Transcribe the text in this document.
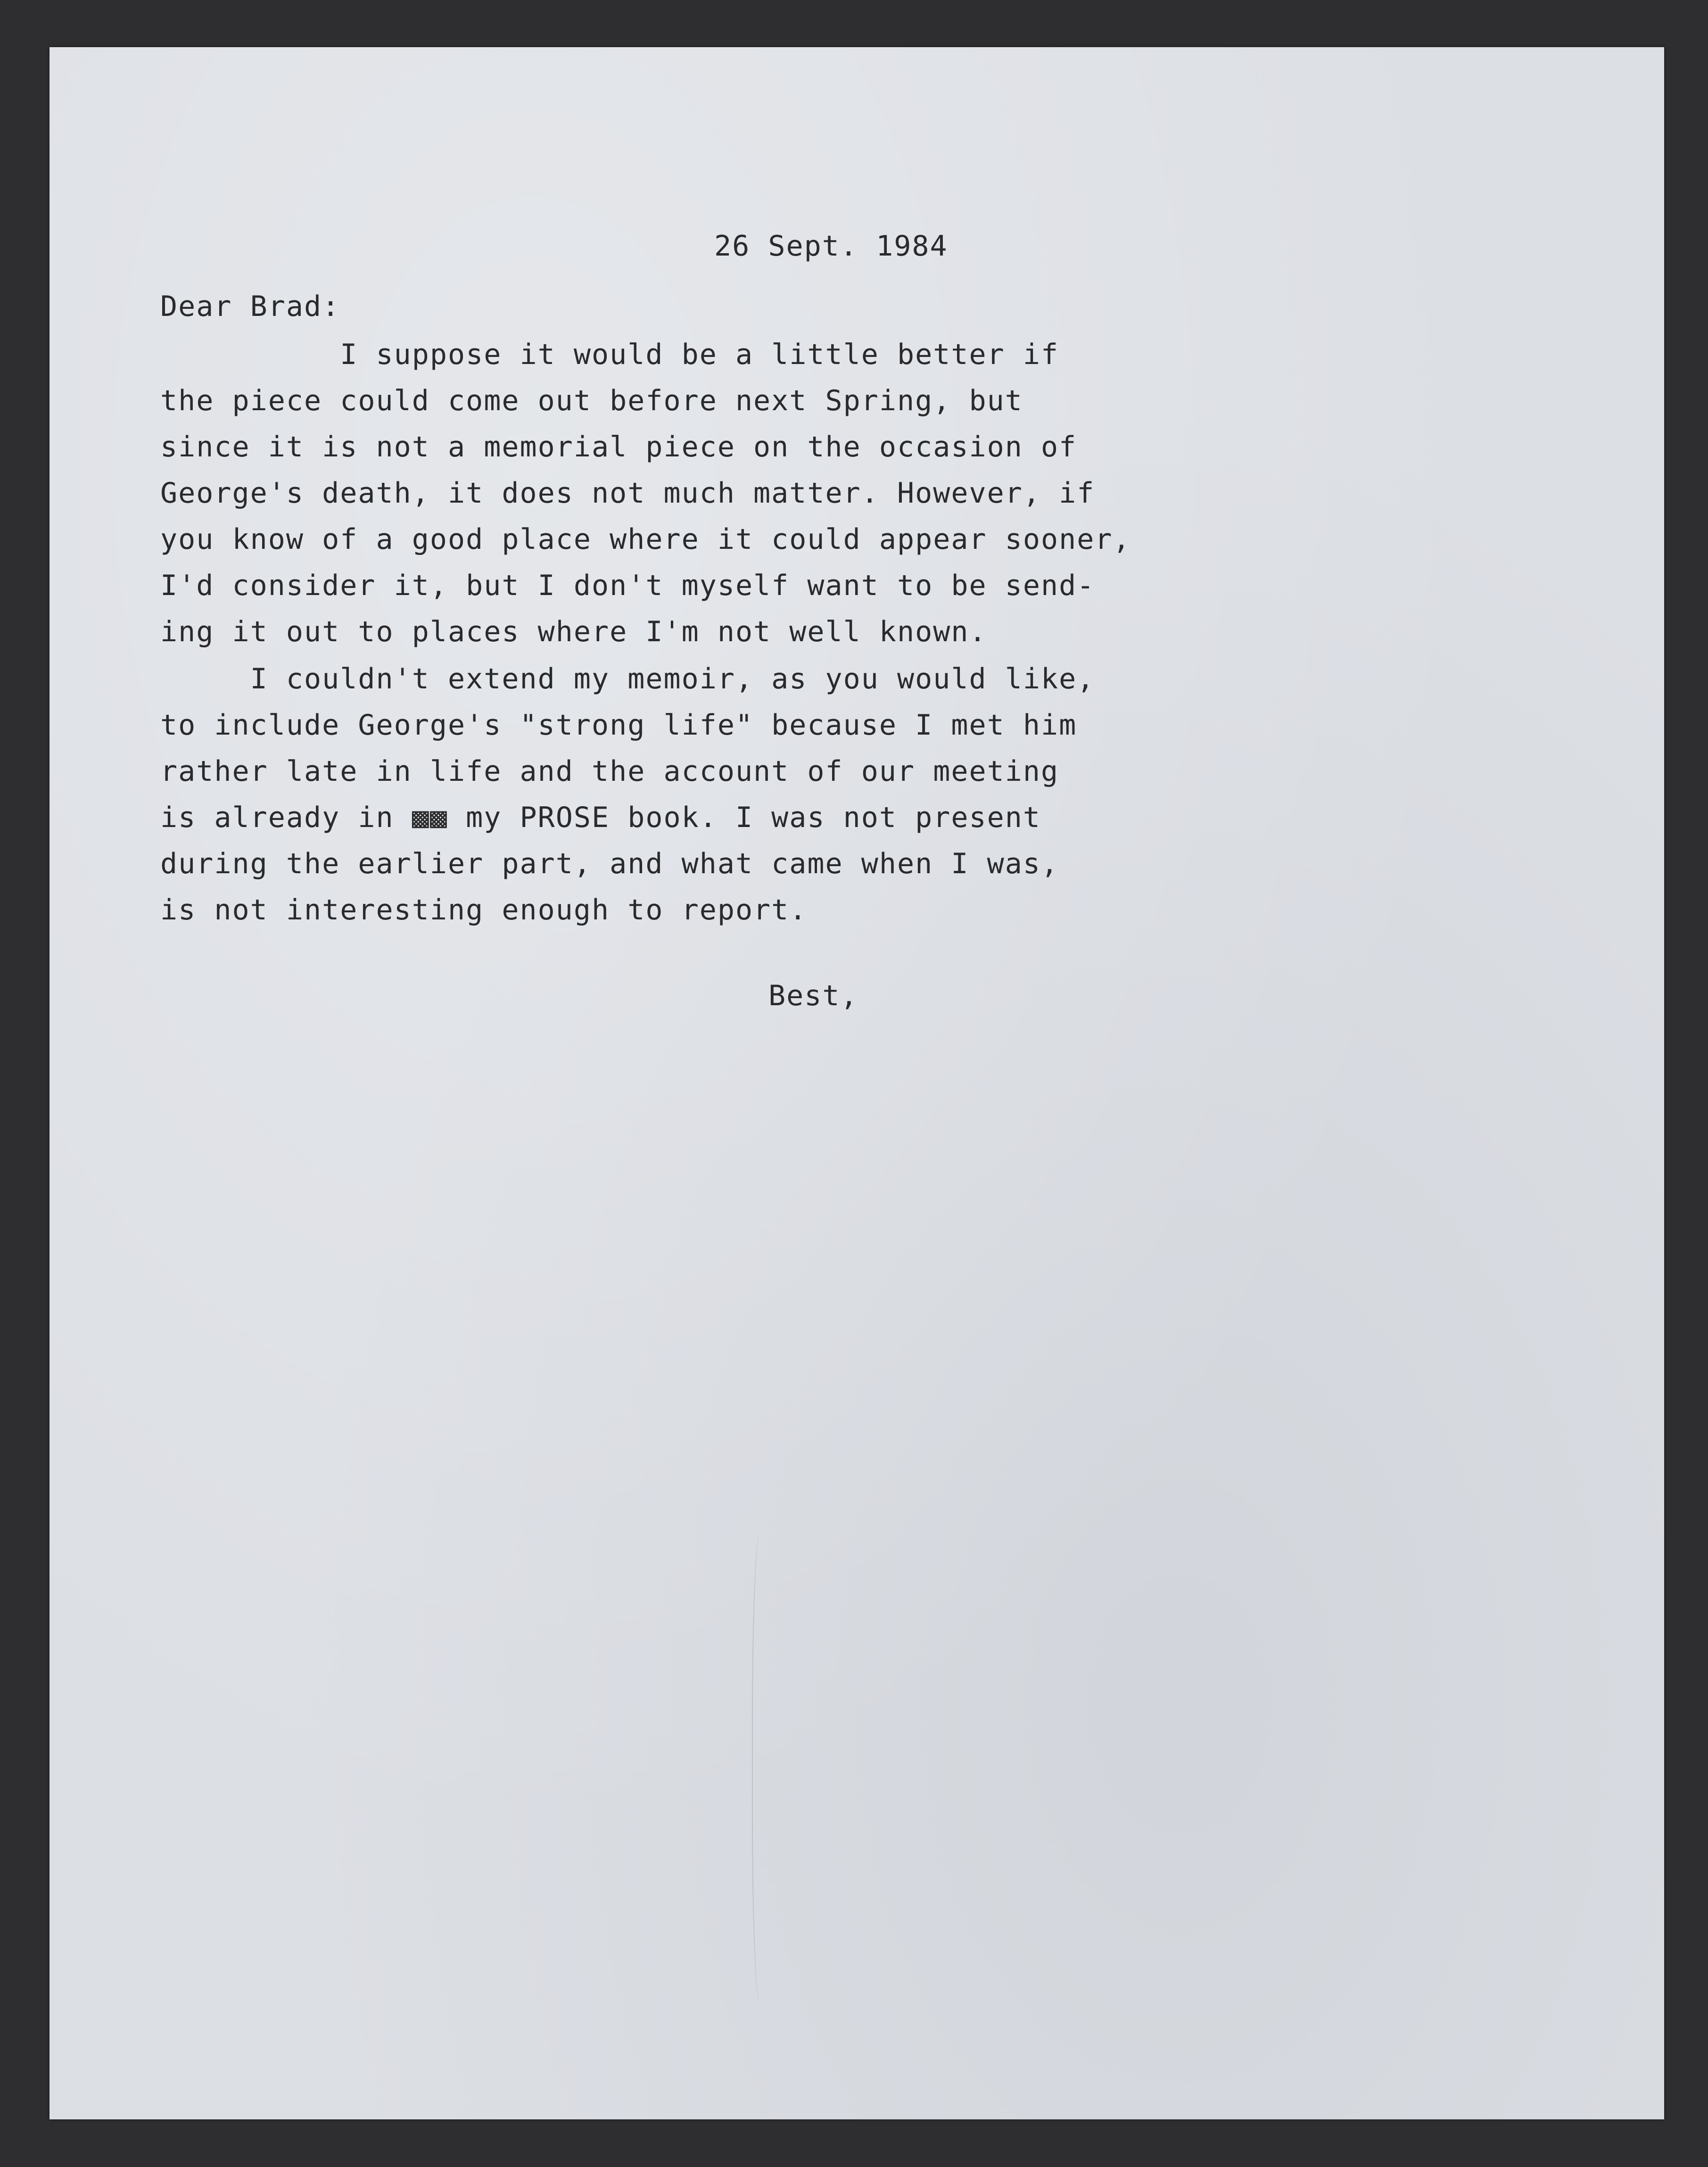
26 Sept. 1984
Dear Brad:
I suppose it would be a little better if
the piece could come out before next Spring, but
since it is not a memorial piece on the occasion of
George's death, it does not much matter. However, if
you know of a good place where it could appear sooner,
I'd consider it, but I don't myself want to be send-
ing it out to places where I'm not well known.
I couldn't extend my memoir, as you would like,
to include George's "strong life" because I met him
rather late in life and the account of our meeting
is already in ▩▩ my PROSE book. I was not present
during the earlier part, and what came when I was,
is not interesting enough to report.
Best,
